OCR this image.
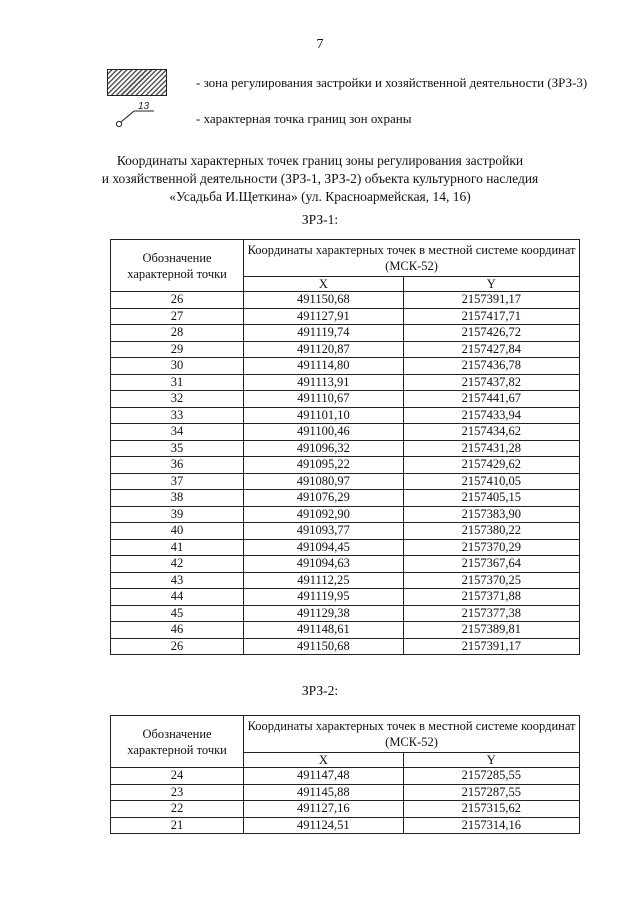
7
- зона регулирования застройки и хозяйственной деятельности (ЗРЗ-3)
13
- характерная точка границ зон охраны
Координаты характерных точек границ зоны регулирования застройки
и хозяйственной деятельности (ЗРЗ-1, ЗРЗ-2) объекта культурного наследия
«Усадьба И.Щеткина» (ул. Красноармейская, 14, 16)
ЗРЗ-1:
Обозначение характерной точки	Координаты характерных точек в местной системе координат (МСК-52)	
	X	Y
26	491150,68	2157391,17
27	491127,91	2157417,71
28	491119,74	2157426,72
29	491120,87	2157427,84
30	491114,80	2157436,78
31	491113,91	2157437,82
32	491110,67	2157441,67
33	491101,10	2157433,94
34	491100,46	2157434,62
35	491096,32	2157431,28
36	491095,22	2157429,62
37	491080,97	2157410,05
38	491076,29	2157405,15
39	491092,90	2157383,90
40	491093,77	2157380,22
41	491094,45	2157370,29
42	491094,63	2157367,64
43	491112,25	2157370,25
44	491119,95	2157371,88
45	491129,38	2157377,38
46	491148,61	2157389,81
26	491150,68	2157391,17
ЗРЗ-2:
Обозначение характерной точки	Координаты характерных точек в местной системе координат (МСК-52)	
	X	Y
24	491147,48	2157285,55
23	491145,88	2157287,55
22	491127,16	2157315,62
21	491124,51	2157314,16
